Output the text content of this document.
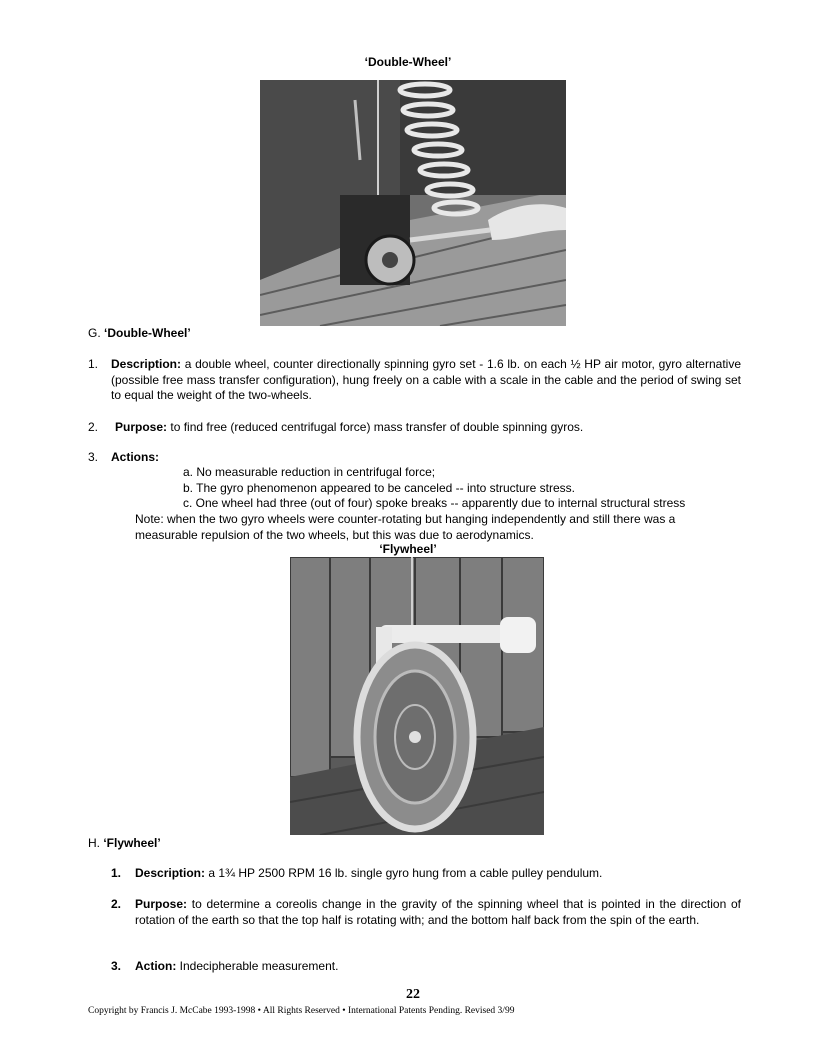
‘Double-Wheel’
G. ‘Double-Wheel’
1. Description: a double wheel, counter directionally spinning gyro set - 1.6 lb. on each ½ HP air motor, gyro alternative (possible free mass transfer configuration), hung freely on a cable with a scale in the cable and the period of swing set to equal the weight of the two-wheels.
2. Purpose: to find free (reduced centrifugal force) mass transfer of double spinning gyros.
3. Actions:
a. No measurable reduction in centrifugal force;
b. The gyro phenomenon appeared to be canceled -- into structure stress.
c. One wheel had three (out of four) spoke breaks -- apparently due to internal structural stress
Note: when the two gyro wheels were counter-rotating but hanging independently and still there was a measurable repulsion of the two wheels, but this was due to aerodynamics.
‘Flywheel’
H. ‘Flywheel’
1. Description: a 1¾ HP 2500 RPM 16 lb. single gyro hung from a cable pulley pendulum.
2. Purpose: to determine a coreolis change in the gravity of the spinning wheel that is pointed in the direction of rotation of the earth so that the top half is rotating with; and the bottom half back from the spin of the earth.
3. Action: Indecipherable measurement.
22
Copyright by Francis J. McCabe 1993-1998 • All Rights Reserved • International Patents Pending. Revised 3/99
